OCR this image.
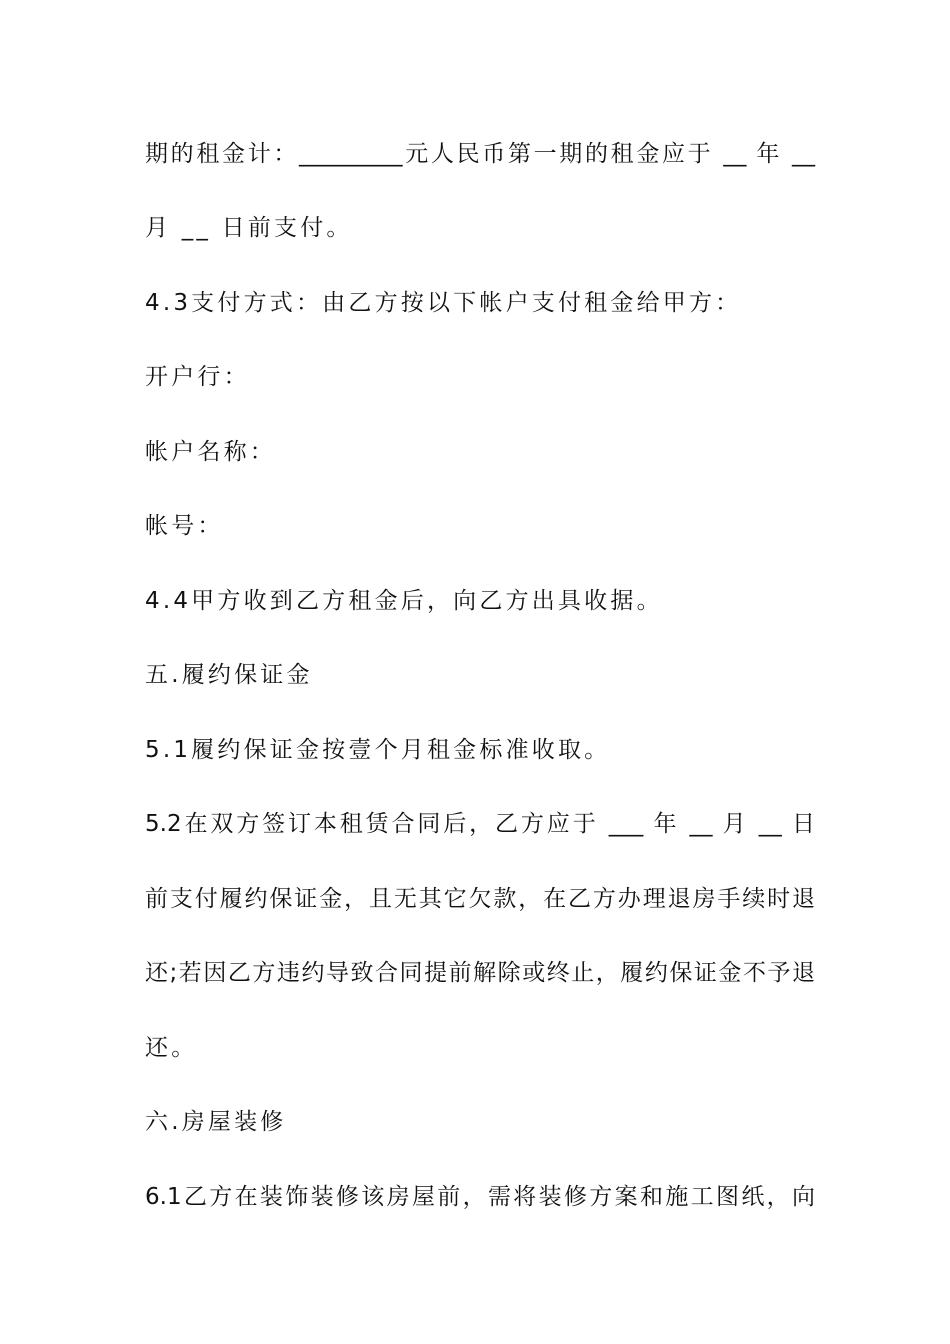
期的租金计：_________元人民币第一期的租金应于 __ 年 __
月 __ 日前支付。
4.3支付方式：由乙方按以下帐户支付租金给甲方：
开户行：
帐户名称：
帐号：
4.4甲方收到乙方租金后，向乙方出具收据。
五.履约保证金
5.1履约保证金按壹个月租金标准收取。
5.2在双方签订本租赁合同后，乙方应于 ___ 年 __ 月 __ 日
前支付履约保证金，且无其它欠款，在乙方办理退房手续时退
还;若因乙方违约导致合同提前解除或终止，履约保证金不予退
还。
六.房屋装修
6.1乙方在装饰装修该房屋前，需将装修方案和施工图纸，向
